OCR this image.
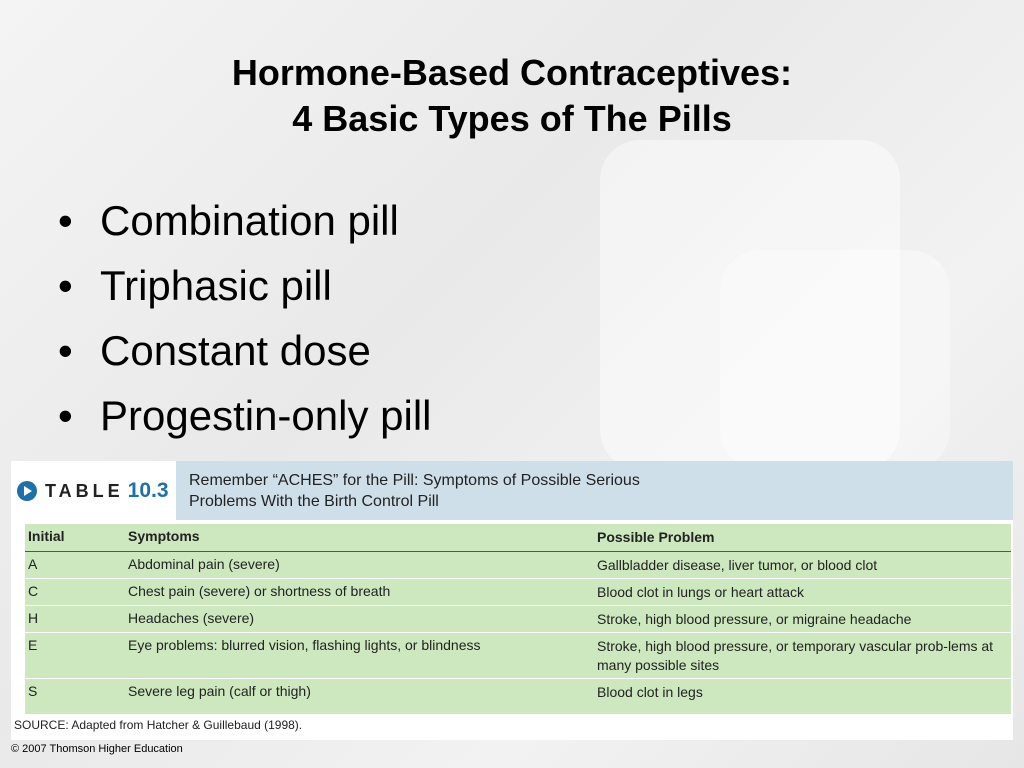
Hormone-Based Contraceptives:
4 Basic Types of The Pills
• Combination pill
• Triphasic pill
• Constant dose
• Progestin-only pill
TABLE 10.3 Remember “ACHES” for the Pill: Symptoms of Possible Serious
Problems With the Birth Control Pill
Initial	Symptoms	Possible Problem
A	Abdominal pain (severe)	Gallbladder disease, liver tumor, or blood clot
C	Chest pain (severe) or shortness of breath	Blood clot in lungs or heart attack
H	Headaches (severe)	Stroke, high blood pressure, or migraine headache
E	Eye problems: blurred vision, flashing lights, or blindness	Stroke, high blood pressure, or temporary vascular prob-lems at many possible sites
S	Severe leg pain (calf or thigh)	Blood clot in legs
SOURCE: Adapted from Hatcher & Guillebaud (1998).
© 2007 Thomson Higher Education
